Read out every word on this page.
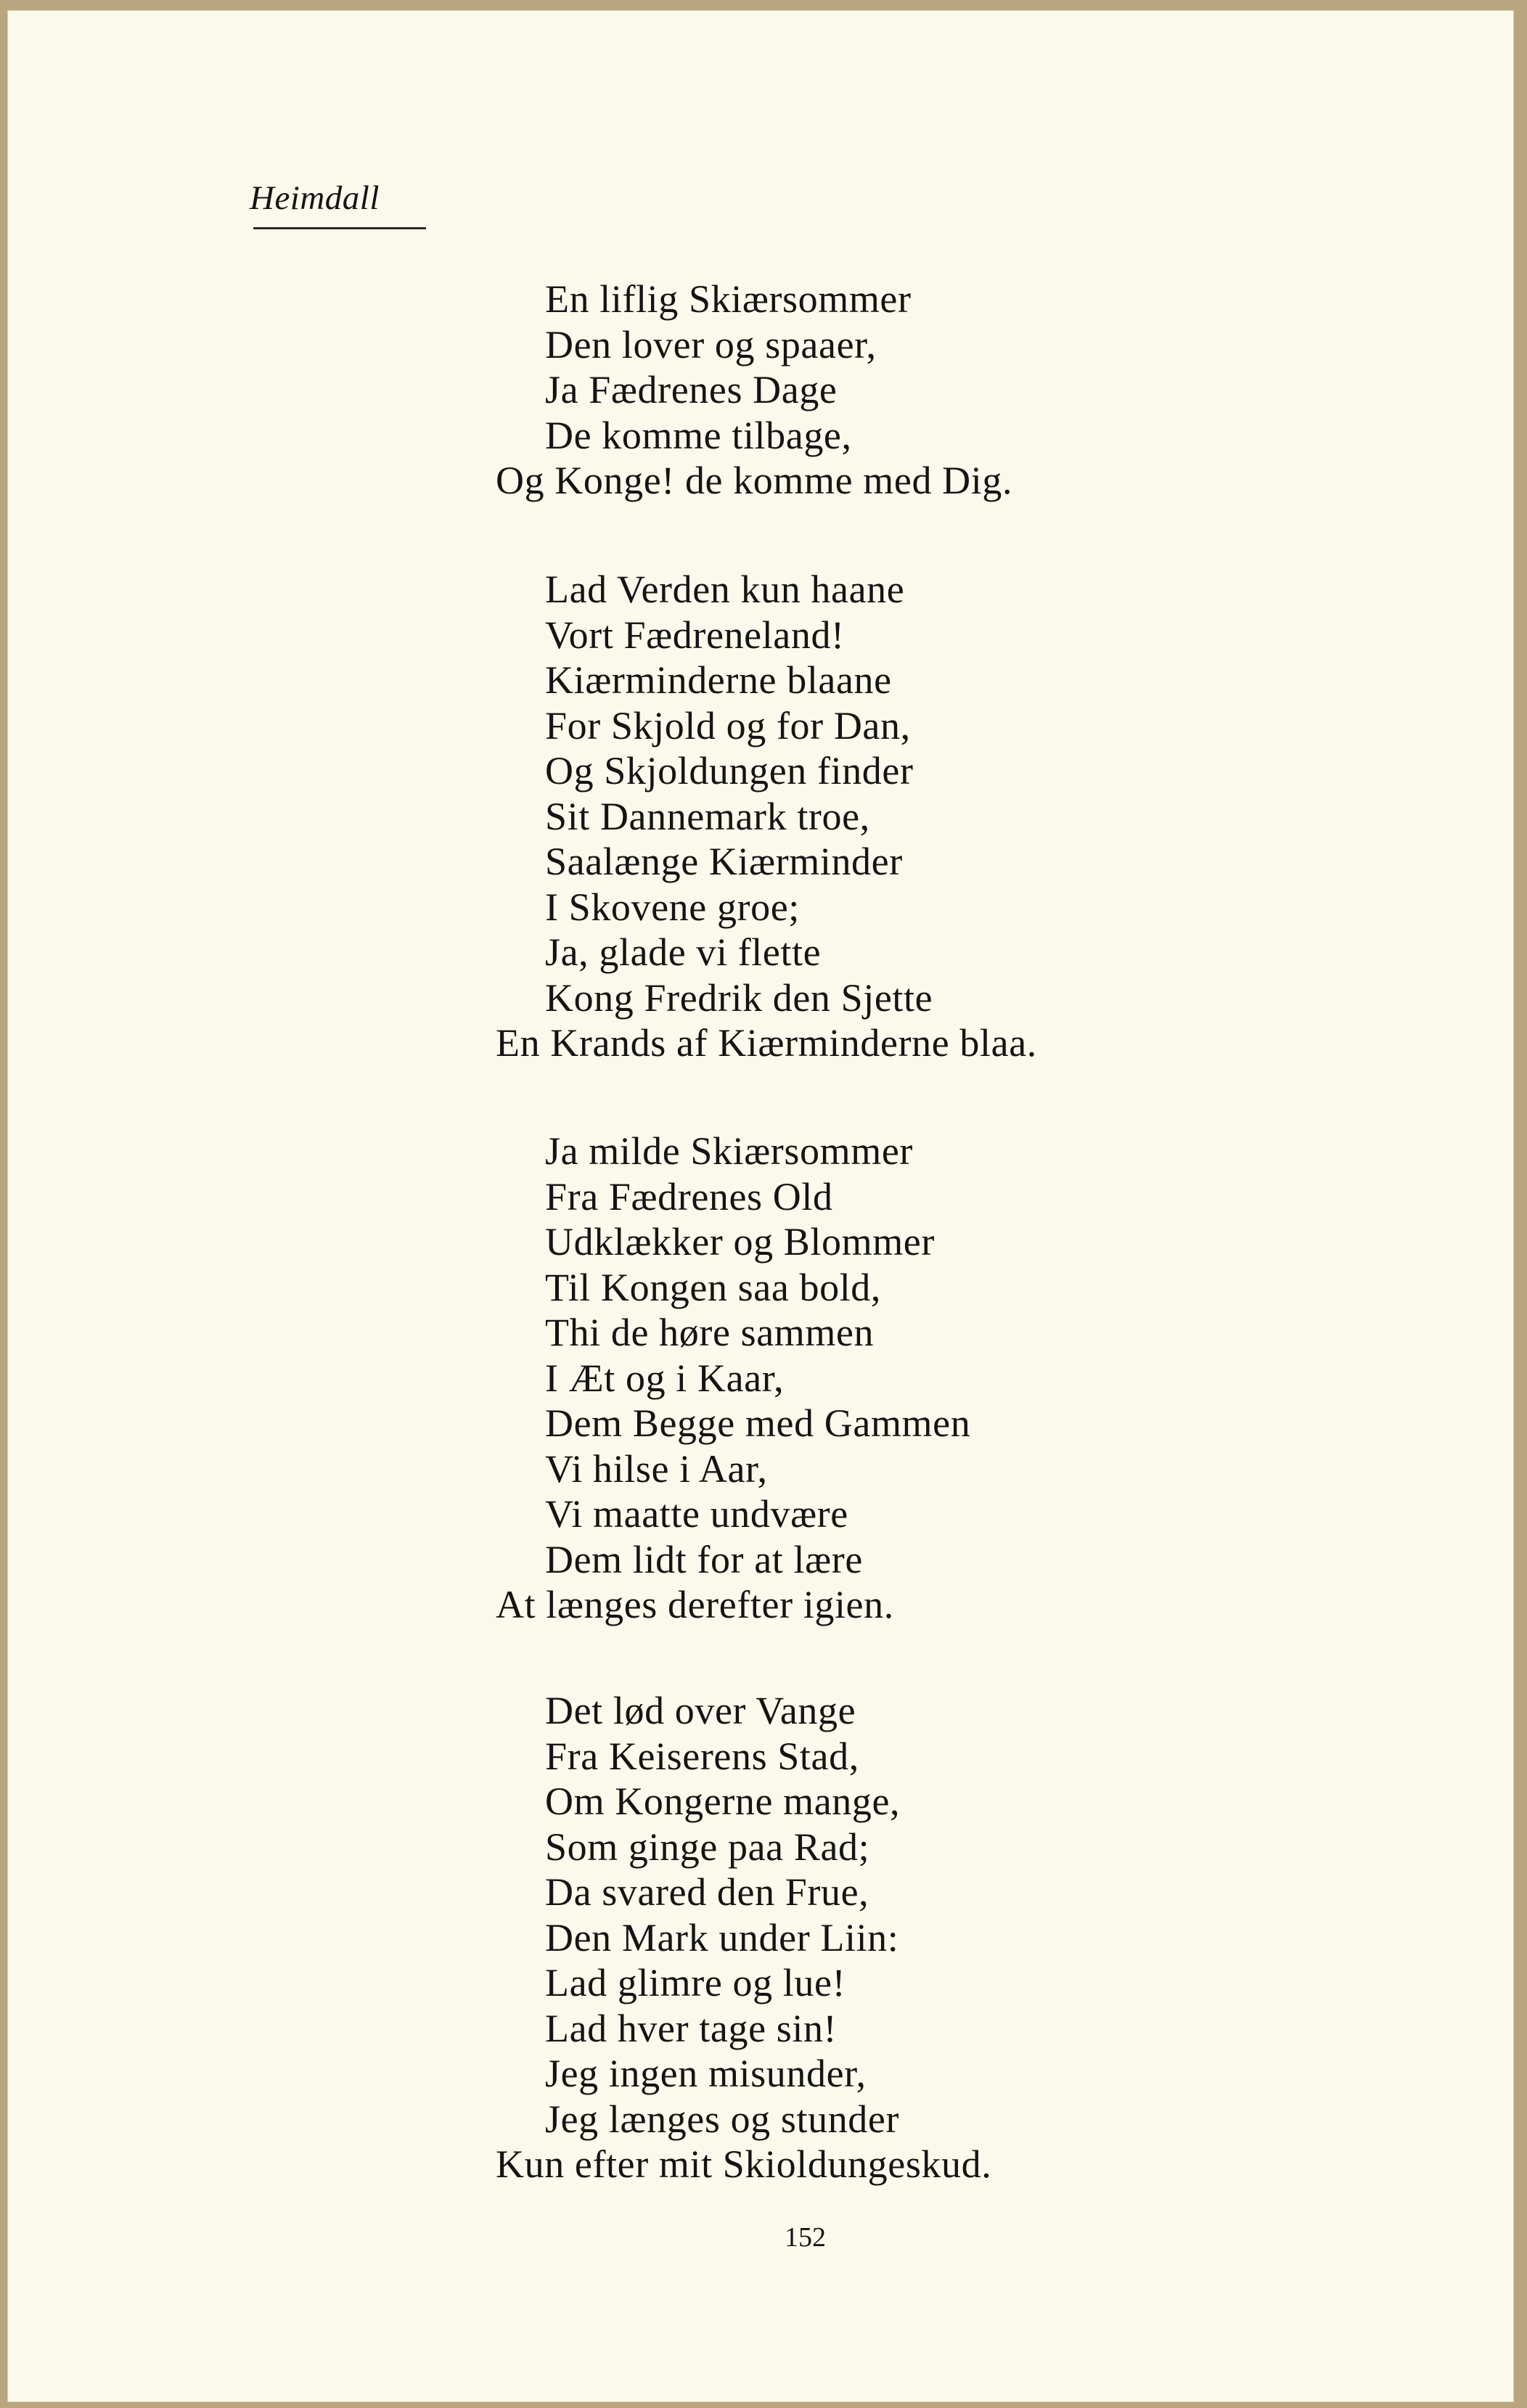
Heimdall
En liflig Skiærsommer
Den lover og spaaer,
Ja Fædrenes Dage
De komme tilbage,
Og Konge! de komme med Dig.
Lad Verden kun haane
Vort Fædreneland!
Kiærminderne blaane
For Skjold og for Dan,
Og Skjoldungen finder
Sit Dannemark troe,
Saalænge Kiærminder
I Skovene groe;
Ja, glade vi flette
Kong Fredrik den Sjette
En Krands af Kiærminderne blaa.
Ja milde Skiærsommer
Fra Fædrenes Old
Udklækker og Blommer
Til Kongen saa bold,
Thi de høre sammen
I Æt og i Kaar,
Dem Begge med Gammen
Vi hilse i Aar,
Vi maatte undvære
Dem lidt for at lære
At længes derefter igien.
Det lød over Vange
Fra Keiserens Stad,
Om Kongerne mange,
Som ginge paa Rad;
Da svared den Frue,
Den Mark under Liin:
Lad glimre og lue!
Lad hver tage sin!
Jeg ingen misunder,
Jeg længes og stunder
Kun efter mit Skioldungeskud.
152
